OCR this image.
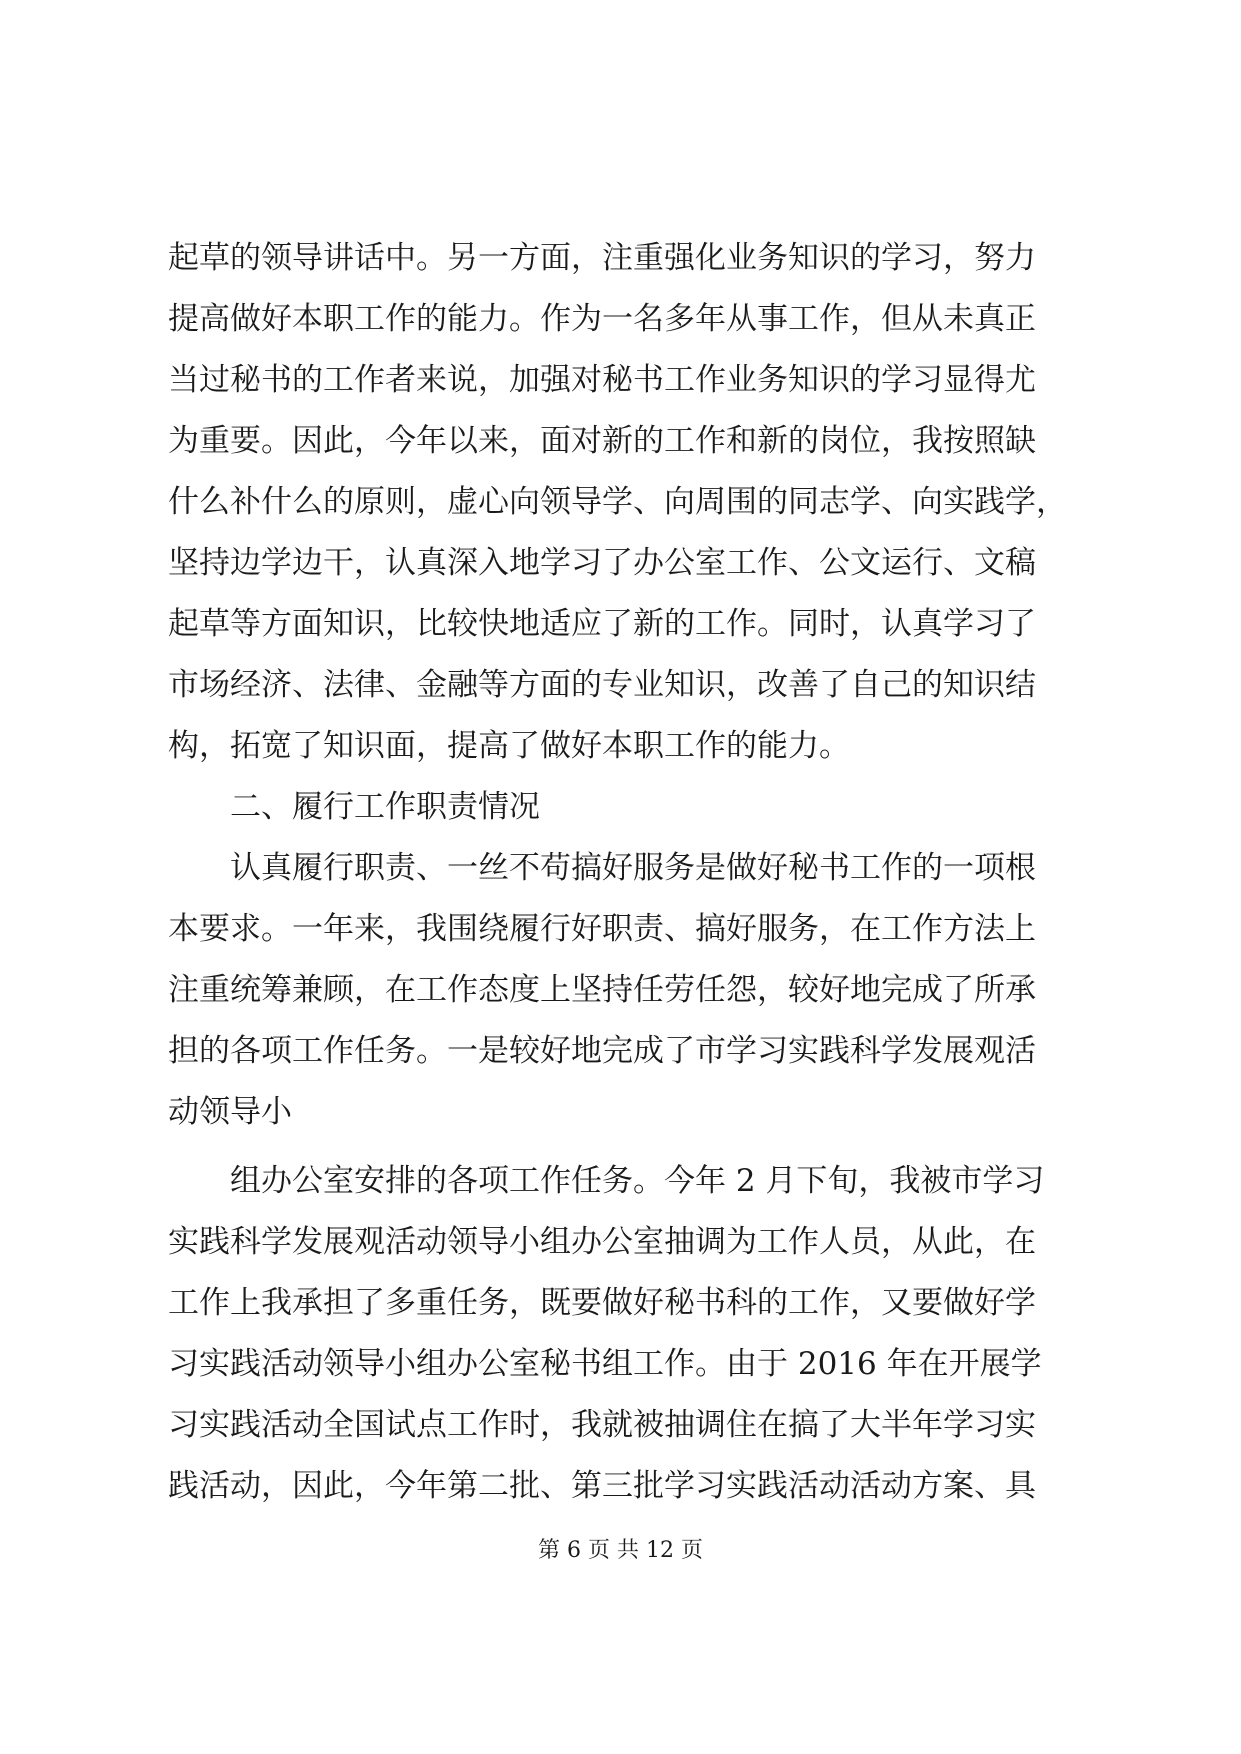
起草的领导讲话中。另一方面，注重强化业务知识的学习，努力
提高做好本职工作的能力。作为一名多年从事工作，但从未真正
当过秘书的工作者来说，加强对秘书工作业务知识的学习显得尤
为重要。因此，今年以来，面对新的工作和新的岗位，我按照缺
什么补什么的原则，虚心向领导学、向周围的同志学、向实践学，
坚持边学边干，认真深入地学习了办公室工作、公文运行、文稿
起草等方面知识，比较快地适应了新的工作。同时，认真学习了
市场经济、法律、金融等方面的专业知识，改善了自己的知识结
构，拓宽了知识面，提高了做好本职工作的能力。
二、履行工作职责情况
认真履行职责、一丝不苟搞好服务是做好秘书工作的一项根
本要求。一年来，我围绕履行好职责、搞好服务，在工作方法上
注重统筹兼顾，在工作态度上坚持任劳任怨，较好地完成了所承
担的各项工作任务。一是较好地完成了市学习实践科学发展观活
动领导小
组办公室安排的各项工作任务。今年 2 月下旬，我被市学习
实践科学发展观活动领导小组办公室抽调为工作人员，从此，在
工作上我承担了多重任务，既要做好秘书科的工作，又要做好学
习实践活动领导小组办公室秘书组工作。由于 2016 年在开展学
习实践活动全国试点工作时，我就被抽调住在搞了大半年学习实
践活动，因此，今年第二批、第三批学习实践活动活动方案、具
第 6 页 共 12 页
